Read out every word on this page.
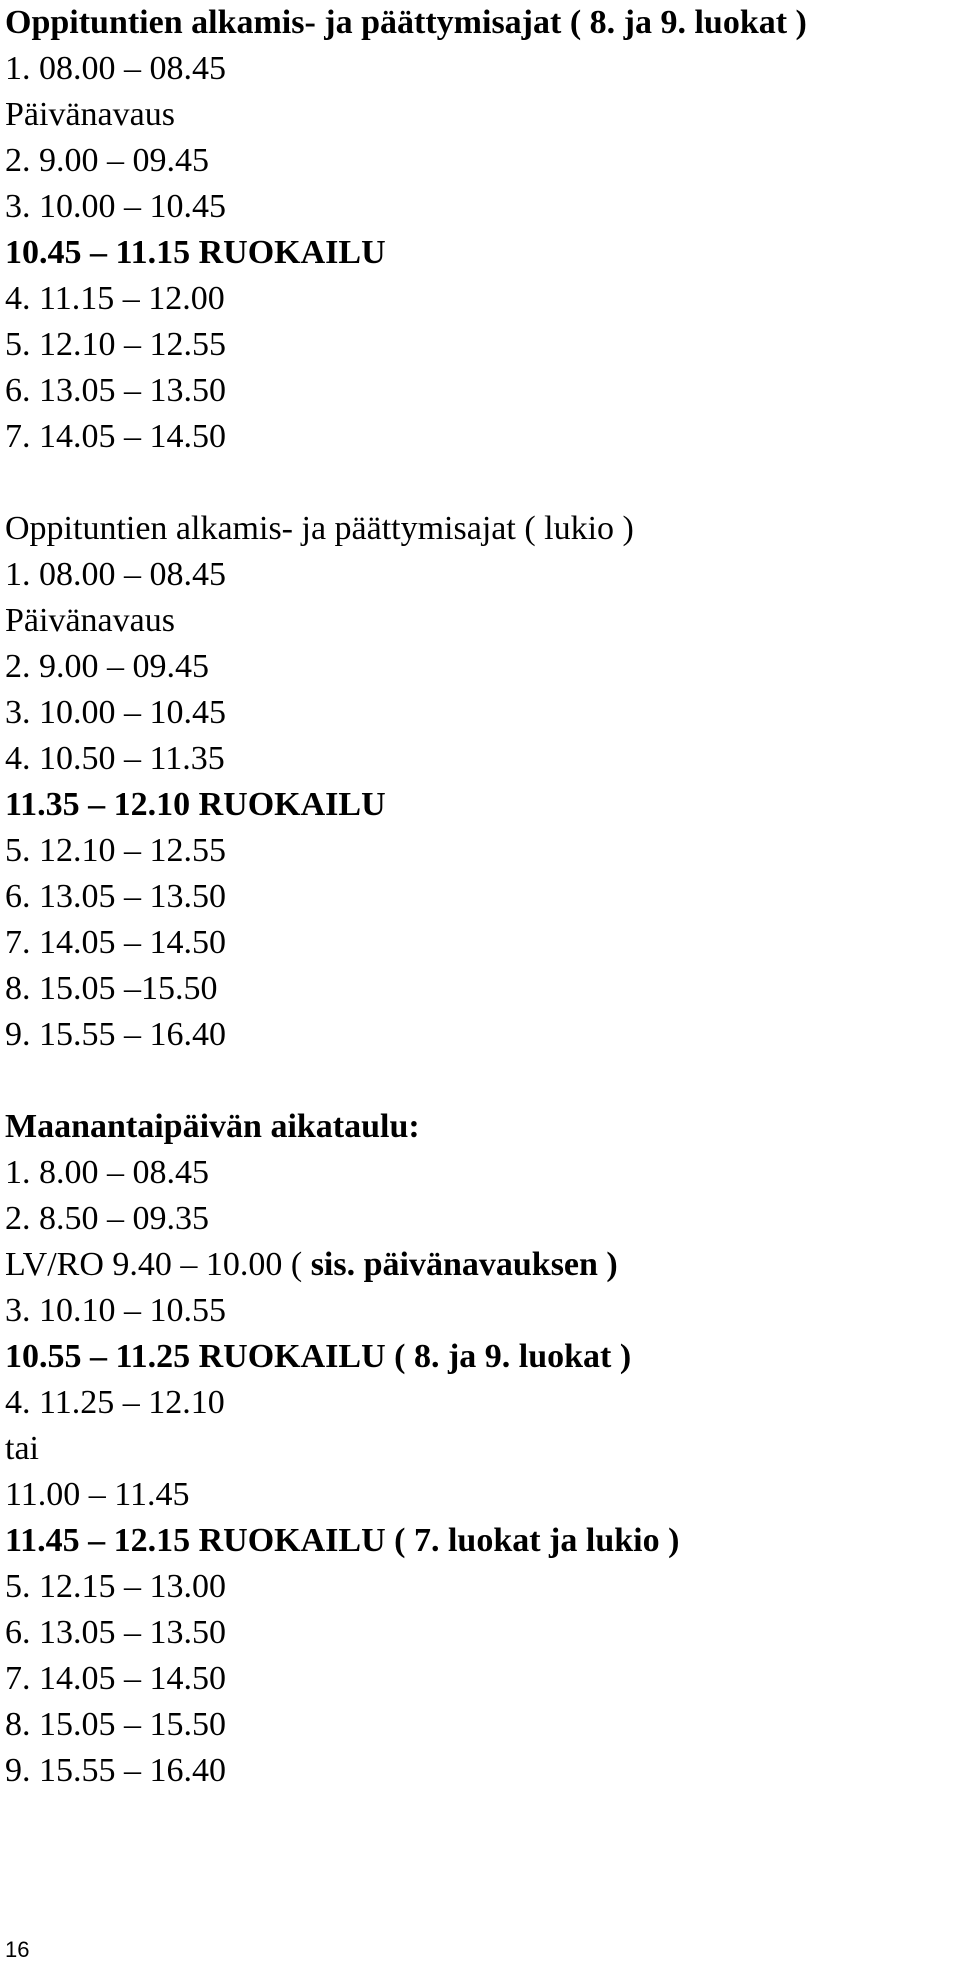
Oppituntien alkamis- ja päättymisajat ( 8. ja 9. luokat )
1. 08.00 – 08.45
Päivänavaus
2. 9.00 – 09.45
3. 10.00 – 10.45
10.45 – 11.15 RUOKAILU
4. 11.15 – 12.00
5. 12.10 – 12.55
6. 13.05 – 13.50
7. 14.05 – 14.50
Oppituntien alkamis- ja päättymisajat ( lukio )
1. 08.00 – 08.45
Päivänavaus
2. 9.00 – 09.45
3. 10.00 – 10.45
4. 10.50 – 11.35
11.35 – 12.10 RUOKAILU
5. 12.10 – 12.55
6. 13.05 – 13.50
7. 14.05 – 14.50
8. 15.05 –15.50
9. 15.55 – 16.40
Maanantaipäivän aikataulu:
1. 8.00 – 08.45
2. 8.50 – 09.35
LV/RO 9.40 – 10.00 ( sis. päivänavauksen )
3. 10.10 – 10.55
10.55 – 11.25 RUOKAILU ( 8. ja 9. luokat )
4. 11.25 – 12.10
tai
11.00 – 11.45
11.45 – 12.15 RUOKAILU ( 7. luokat ja lukio )
5. 12.15 – 13.00
6. 13.05 – 13.50
7. 14.05 – 14.50
8. 15.05 – 15.50
9. 15.55 – 16.40
16
